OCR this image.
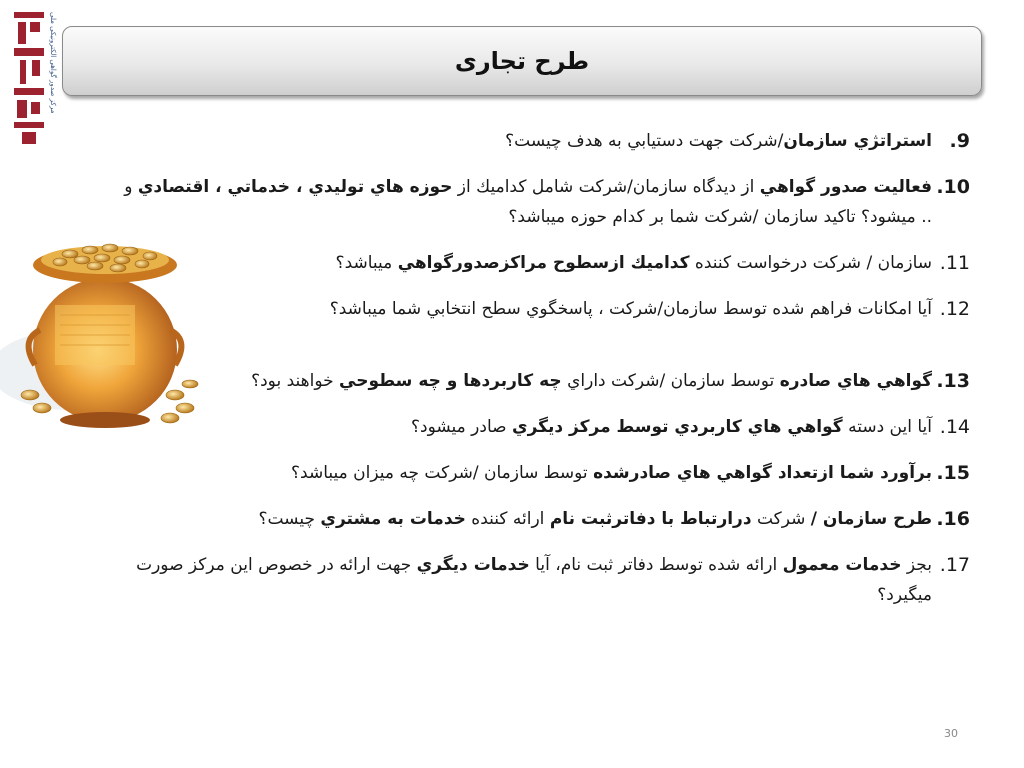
مرکز صدور گواهی الکترونیکی ملی	طرح تجاری
9.
استراتژي سازمان/شركت جهت دستيابي به هدف چيست؟
10.
فعاليت صدور گواهي از ديدگاه سازمان/شركت شامل كداميك از حوزه هاي توليدي ، خدماتي ، اقتصادي و .. ميشود؟ تاكيد سازمان /شركت شما بر كدام حوزه ميباشد؟
11.
سازمان / شركت درخواست كننده كداميك ازسطوح مراكزصدورگواهي ميباشد؟
12.
آيا امكانات فراهم شده توسط سازمان/شركت ، پاسخگوي سطح انتخابي شما ميباشد؟
13.
گواهي هاي صادره توسط سازمان /شركت داراي چه كاربردها و چه سطوحي خواهند بود؟
14.
آيا اين دسته گواهي هاي كاربردي توسط مركز ديگري صادر ميشود؟
15.
برآورد شما ازتعداد گواهي هاي صادرشده توسط سازمان /شركت چه ميزان ميباشد؟
16.
طرح سازمان / شركت درارتباط با دفاترثبت نام ارائه كننده خدمات به مشتري چيست؟
17.
بجز خدمات معمول ارائه شده توسط دفاتر ثبت نام، آيا خدمات ديگري جهت ارائه در خصوص اين مركز صورت ميگيرد؟
30
